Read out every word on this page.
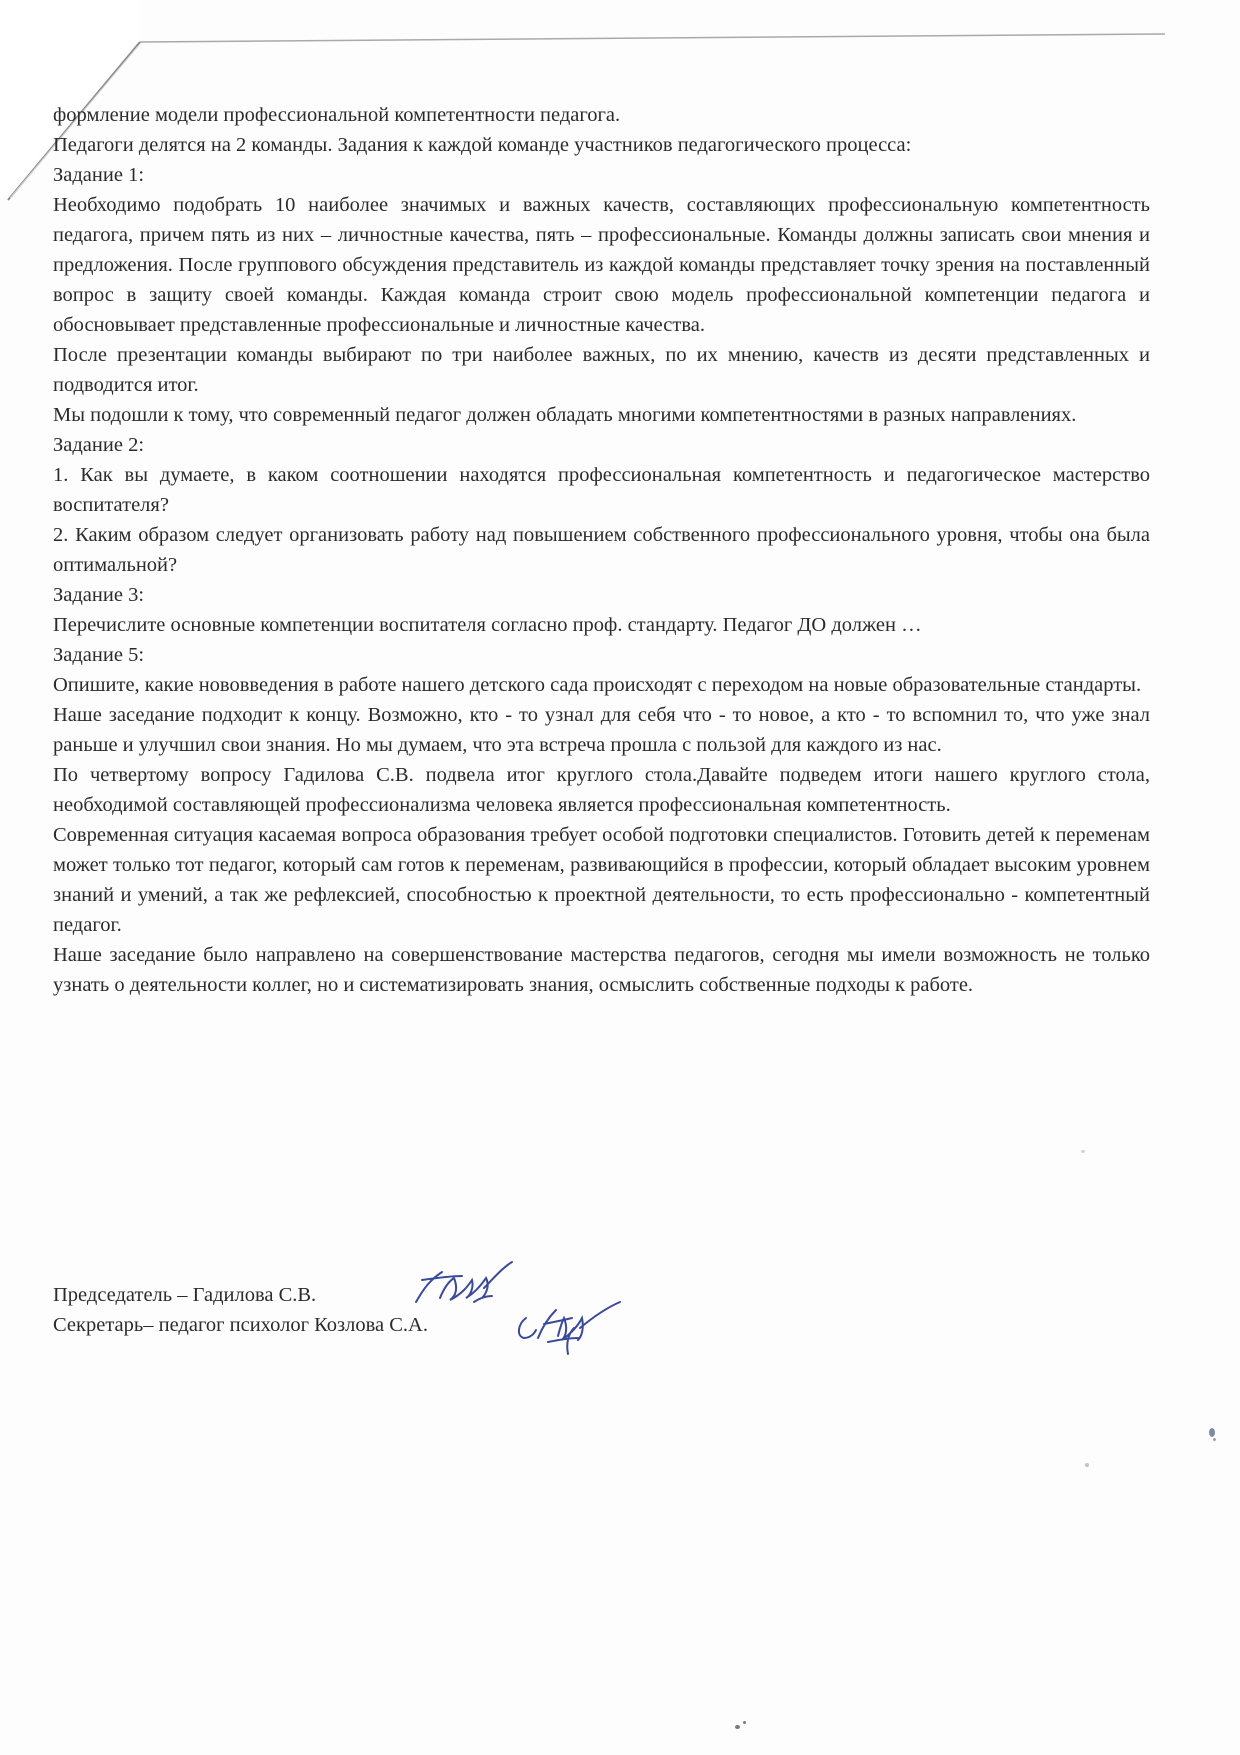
формление модели профессиональной компетентности педагога.

Педагоги делятся на 2 команды. Задания к каждой команде участников педагогического процесса:

Задание 1:

Необходимо подобрать 10 наиболее значимых и важных качеств, составляющих профессиональную компетентность педагога, причем пять из них – личностные качества, пять – профессиональные. Команды должны записать свои мнения и предложения. После группового обсуждения представитель из каждой команды представляет точку зрения на поставленный вопрос в защиту своей команды. Каждая команда строит свою модель профессиональной компетенции педагога и обосновывает представленные профессиональные и личностные качества.

После презентации команды выбирают по три наиболее важных, по их мнению, качеств из десяти представленных и подводится итог.

Мы подошли к тому, что современный педагог должен обладать многими компетентностями в разных направлениях.

Задание 2:

1. Как вы думаете, в каком соотношении находятся профессиональная компетентность и педагогическое мастерство воспитателя?

2. Каким образом следует организовать работу над повышением собственного профессионального уровня, чтобы она была оптимальной?

Задание 3:

Перечислите основные компетенции воспитателя согласно проф. стандарту. Педагог ДО должен …

Задание 5:

Опишите, какие нововведения в работе нашего детского сада происходят с переходом на новые образовательные стандарты.

Наше заседание подходит к концу. Возможно, кто - то узнал для себя что - то новое, а кто - то вспомнил то, что уже знал раньше и улучшил свои знания. Но мы думаем, что эта встреча прошла с пользой для каждого из нас.

По четвертому вопросу Гадилова С.В. подвела итог круглого стола.Давайте подведем итоги нашего круглого стола, необходимой составляющей профессионализма человека является профессиональная компетентность.

Современная ситуация касаемая вопроса образования требует особой подготовки специалистов. Готовить детей к переменам может только тот педагог, который сам готов к переменам, развивающийся в профессии, который обладает высоким уровнем знаний и умений, а так же рефлексией, способностью к проектной деятельности, то есть профессионально - компетентный педагог.

Наше заседание было направлено на совершенствование мастерства педагогов, сегодня мы имели возможность не только узнать о деятельности коллег, но и систематизировать знания, осмыслить собственные подходы к работе.

Председатель – Гадилова С.В.

Секретарь– педагог психолог Козлова С.А.
